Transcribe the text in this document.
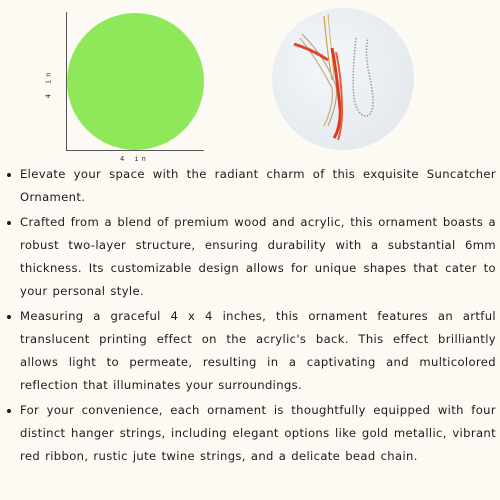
4 in
4 in
Elevate your space with the radiant charm of this exquisite Suncatcher Ornament.
Crafted from a blend of premium wood and acrylic, this ornament boasts a robust two-layer structure, ensuring durability with a substantial 6mm thickness. Its customizable design allows for unique shapes that cater to your personal style.
Measuring a graceful 4 x 4 inches, this ornament features an artful translucent printing effect on the acrylic's back. This effect brilliantly allows light to permeate, resulting in a captivating and multicolored reflection that illuminates your surroundings.
For your convenience, each ornament is thoughtfully equipped with four distinct hanger strings, including elegant options like gold metallic, vibrant red ribbon, rustic jute twine strings, and a delicate bead chain.
